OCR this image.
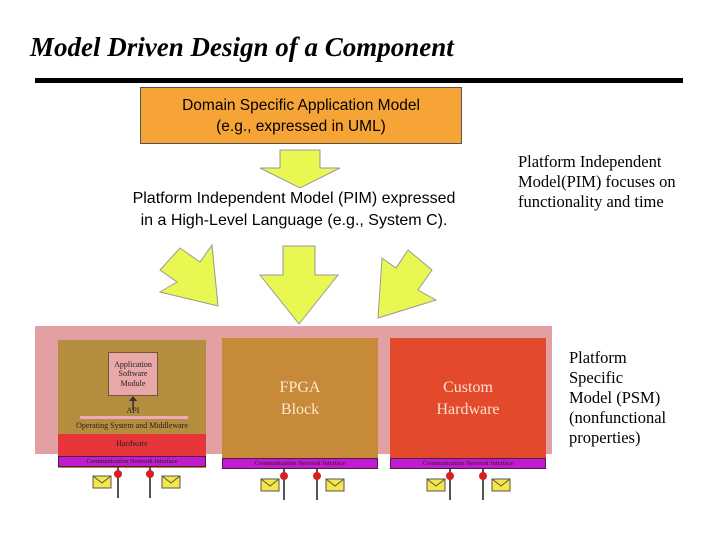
Model Driven Design of a Component
Domain Specific Application Model
(e.g., expressed in UML)
Platform Independent Model (PIM) expressed
in a High-Level Language (e.g., System C).
Platform Independent
Model(PIM) focuses on
functionality and time
Application
Software
Module
API
Operating System and Middleware
Hardware
Communication Network Interface
FPGA
Block
Communication Network Interface
Custom
Hardware
Communication Network Interface
Platform
Specific
Model (PSM)
(nonfunctional
properties)
